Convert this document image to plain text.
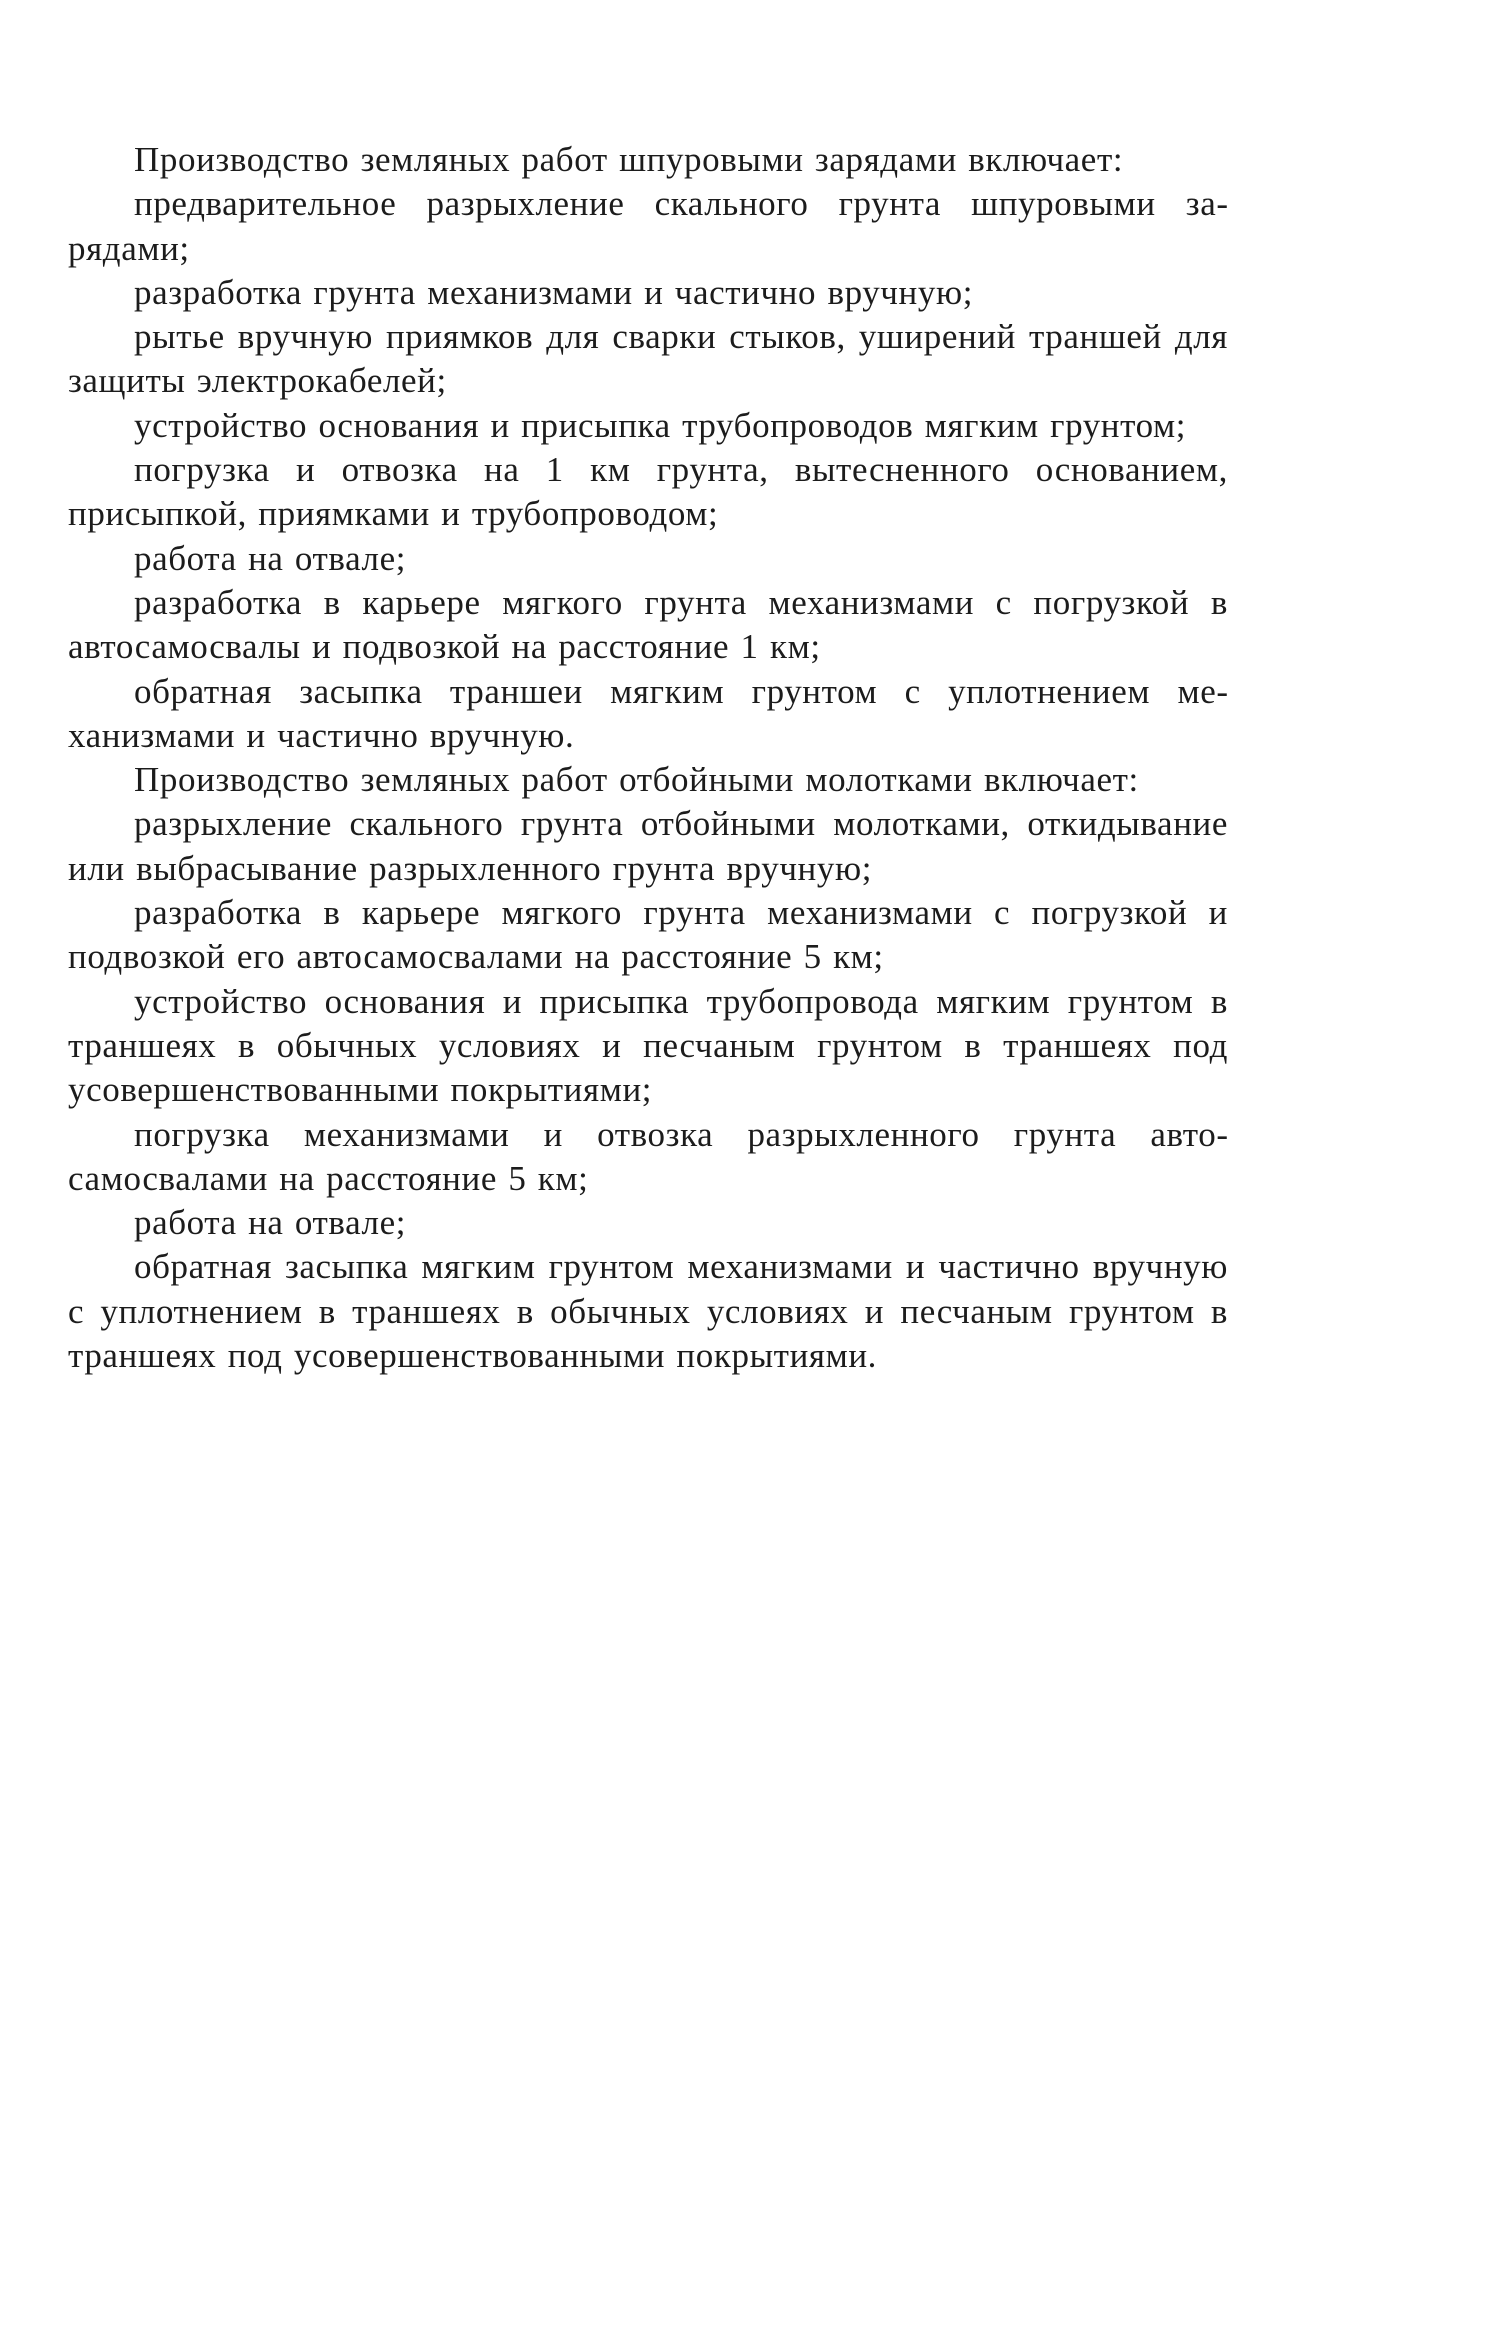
Производство земляных работ шпуровыми зарядами включает:

предварительное разрыхление скального грунта шпуровыми зарядами;

разработка грунта механизмами и частично вручную;

рытье вручную приямков для сварки стыков, уширений траншей для защиты электрокабелей;

устройство основания и присыпка трубопроводов мягким грунтом;

погрузка и отвозка на 1 км грунта, вытесненного основанием, присыпкой, приямками и трубопроводом;

работа на отвале;

разработка в карьере мягкого грунта механизмами с погрузкой в автосамосвалы и подвозкой на расстояние 1 км;

обратная засыпка траншеи мягким грунтом с уплотнением механизмами и частично вручную.

Производство земляных работ отбойными молотками включает:

разрыхление скального грунта отбойными молотками, откидывание или выбрасывание разрыхленного грунта вручную;

разработка в карьере мягкого грунта механизмами с погрузкой и подвозкой его автосамосвалами на расстояние 5 км;

устройство основания и присыпка трубопровода мягким грунтом в траншеях в обычных условиях и песчаным грунтом в траншеях под усовершенствованными покрытиями;

погрузка механизмами и отвозка разрыхленного грунта автосамосвалами на расстояние 5 км;

работа на отвале;

обратная засыпка мягким грунтом механизмами и частично вручную с уплотнением в траншеях в обычных условиях и песчаным грунтом в траншеях под усовершенствованными покрытиями.
